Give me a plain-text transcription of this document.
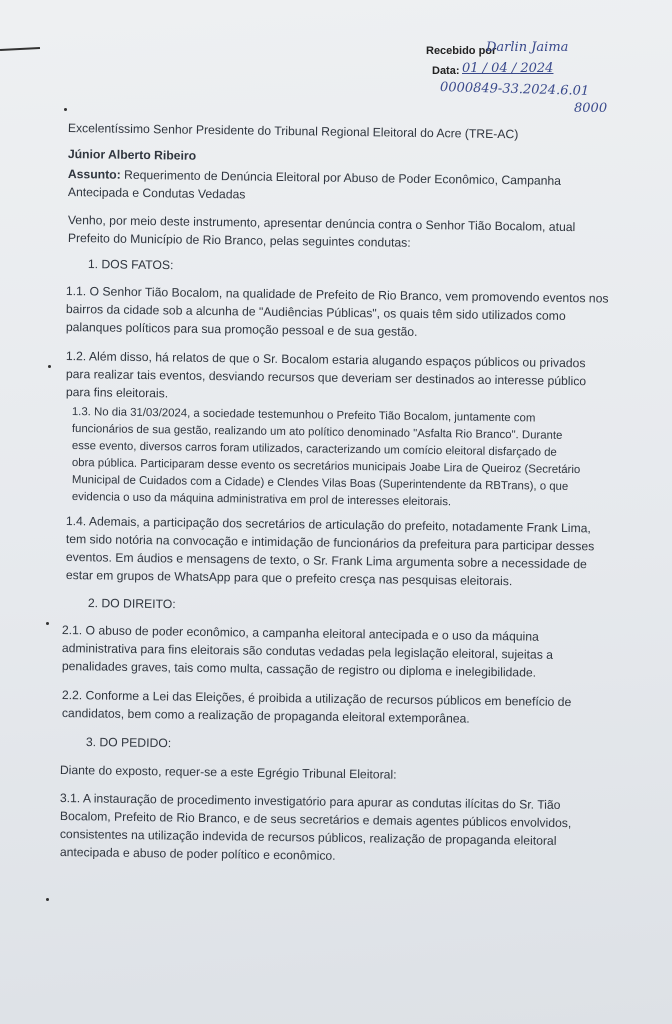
Recebido por
Darlin Jaima
Data: 01 / 04 / 2024
0000849-33.2024.6.01
8000
Excelentíssimo Senhor Presidente do Tribunal Regional Eleitoral do Acre (TRE-AC)
Júnior Alberto Ribeiro
Assunto: Requerimento de Denúncia Eleitoral por Abuso de Poder Econômico, Campanha
Antecipada e Condutas Vedadas
Venho, por meio deste instrumento, apresentar denúncia contra o Senhor Tião Bocalom, atual
Prefeito do Município de Rio Branco, pelas seguintes condutas:
1. DOS FATOS:
1.1. O Senhor Tião Bocalom, na qualidade de Prefeito de Rio Branco, vem promovendo eventos nos
bairros da cidade sob a alcunha de "Audiências Públicas", os quais têm sido utilizados como
palanques políticos para sua promoção pessoal e de sua gestão.
1.2. Além disso, há relatos de que o Sr. Bocalom estaria alugando espaços públicos ou privados
para realizar tais eventos, desviando recursos que deveriam ser destinados ao interesse público
para fins eleitorais.
1.3. No dia 31/03/2024, a sociedade testemunhou o Prefeito Tião Bocalom, juntamente com
funcionários de sua gestão, realizando um ato político denominado "Asfalta Rio Branco". Durante
esse evento, diversos carros foram utilizados, caracterizando um comício eleitoral disfarçado de
obra pública. Participaram desse evento os secretários municipais Joabe Lira de Queiroz (Secretário
Municipal de Cuidados com a Cidade) e Clendes Vilas Boas (Superintendente da RBTrans), o que
evidencia o uso da máquina administrativa em prol de interesses eleitorais.
1.4. Ademais, a participação dos secretários de articulação do prefeito, notadamente Frank Lima,
tem sido notória na convocação e intimidação de funcionários da prefeitura para participar desses
eventos. Em áudios e mensagens de texto, o Sr. Frank Lima argumenta sobre a necessidade de
estar em grupos de WhatsApp para que o prefeito cresça nas pesquisas eleitorais.
2. DO DIREITO:
2.1. O abuso de poder econômico, a campanha eleitoral antecipada e o uso da máquina
administrativa para fins eleitorais são condutas vedadas pela legislação eleitoral, sujeitas a
penalidades graves, tais como multa, cassação de registro ou diploma e inelegibilidade.
2.2. Conforme a Lei das Eleições, é proibida a utilização de recursos públicos em benefício de
candidatos, bem como a realização de propaganda eleitoral extemporânea.
3. DO PEDIDO:
Diante do exposto, requer-se a este Egrégio Tribunal Eleitoral:
3.1. A instauração de procedimento investigatório para apurar as condutas ilícitas do Sr. Tião
Bocalom, Prefeito de Rio Branco, e de seus secretários e demais agentes públicos envolvidos,
consistentes na utilização indevida de recursos públicos, realização de propaganda eleitoral
antecipada e abuso de poder político e econômico.
